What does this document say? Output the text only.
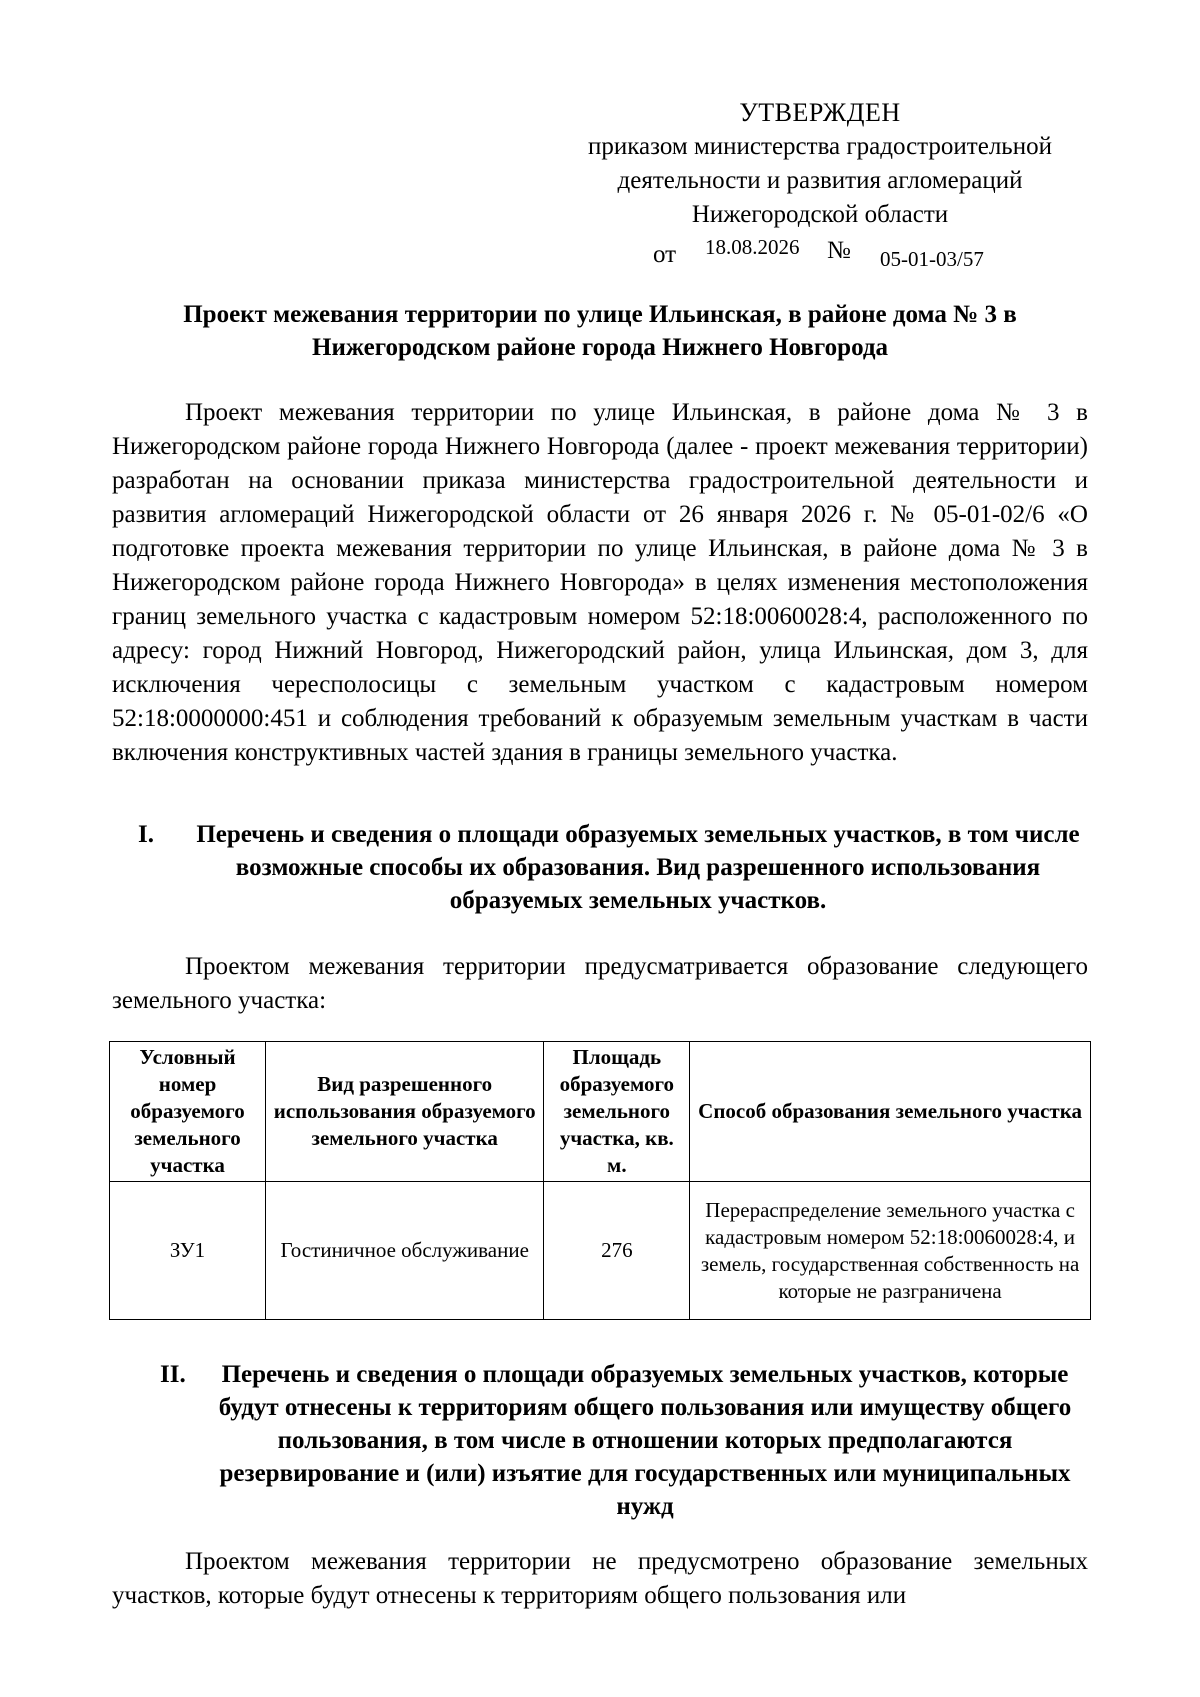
УТВЕРЖДЕН
приказом министерства градостроительной
деятельности и развития агломераций
Нижегородской области
от 18.08.2026 № 05-01-03/57
Проект межевания территории по улице Ильинская, в районе дома № 3 в Нижегородском районе города Нижнего Новгорода
Проект межевания территории по улице Ильинская, в районе дома № 3 в Нижегородском районе города Нижнего Новгорода (далее - проект межевания территории) разработан на основании приказа министерства градостроительной деятельности и развития агломераций Нижегородской области от 26 января 2026 г. № 05-01-02/6 «О подготовке проекта межевания территории по улице Ильинская, в районе дома № 3 в Нижегородском районе города Нижнего Новгорода» в целях изменения местоположения границ земельного участка с кадастровым номером 52:18:0060028:4, расположенного по адресу: город Нижний Новгород, Нижегородский район, улица Ильинская, дом 3, для исключения чересполосицы с земельным участком с кадастровым номером 52:18:0000000:451 и соблюдения требований к образуемым земельным участкам в части включения конструктивных частей здания в границы земельного участка.
I.	Перечень и сведения о площади образуемых земельных участков, в том числе возможные способы их образования. Вид разрешенного использования образуемых земельных участков.
Проектом межевания территории предусматривается образование следующего земельного участка:
Условный номер образуемого земельного участка	Вид разрешенного использования образуемого земельного участка	Площадь образуемого земельного участка, кв. м.	Способ образования земельного участка
ЗУ1	Гостиничное обслуживание	276	Перераспределение земельного участка с кадастровым номером 52:18:0060028:4, и земель, государственная собственность на которые не разграничена
II.	Перечень и сведения о площади образуемых земельных участков, которые будут отнесены к территориям общего пользования или имуществу общего пользования, в том числе в отношении которых предполагаются резервирование и (или) изъятие для государственных или муниципальных нужд
Проектом межевания территории не предусмотрено образование земельных участков, которые будут отнесены к территориям общего пользования или
